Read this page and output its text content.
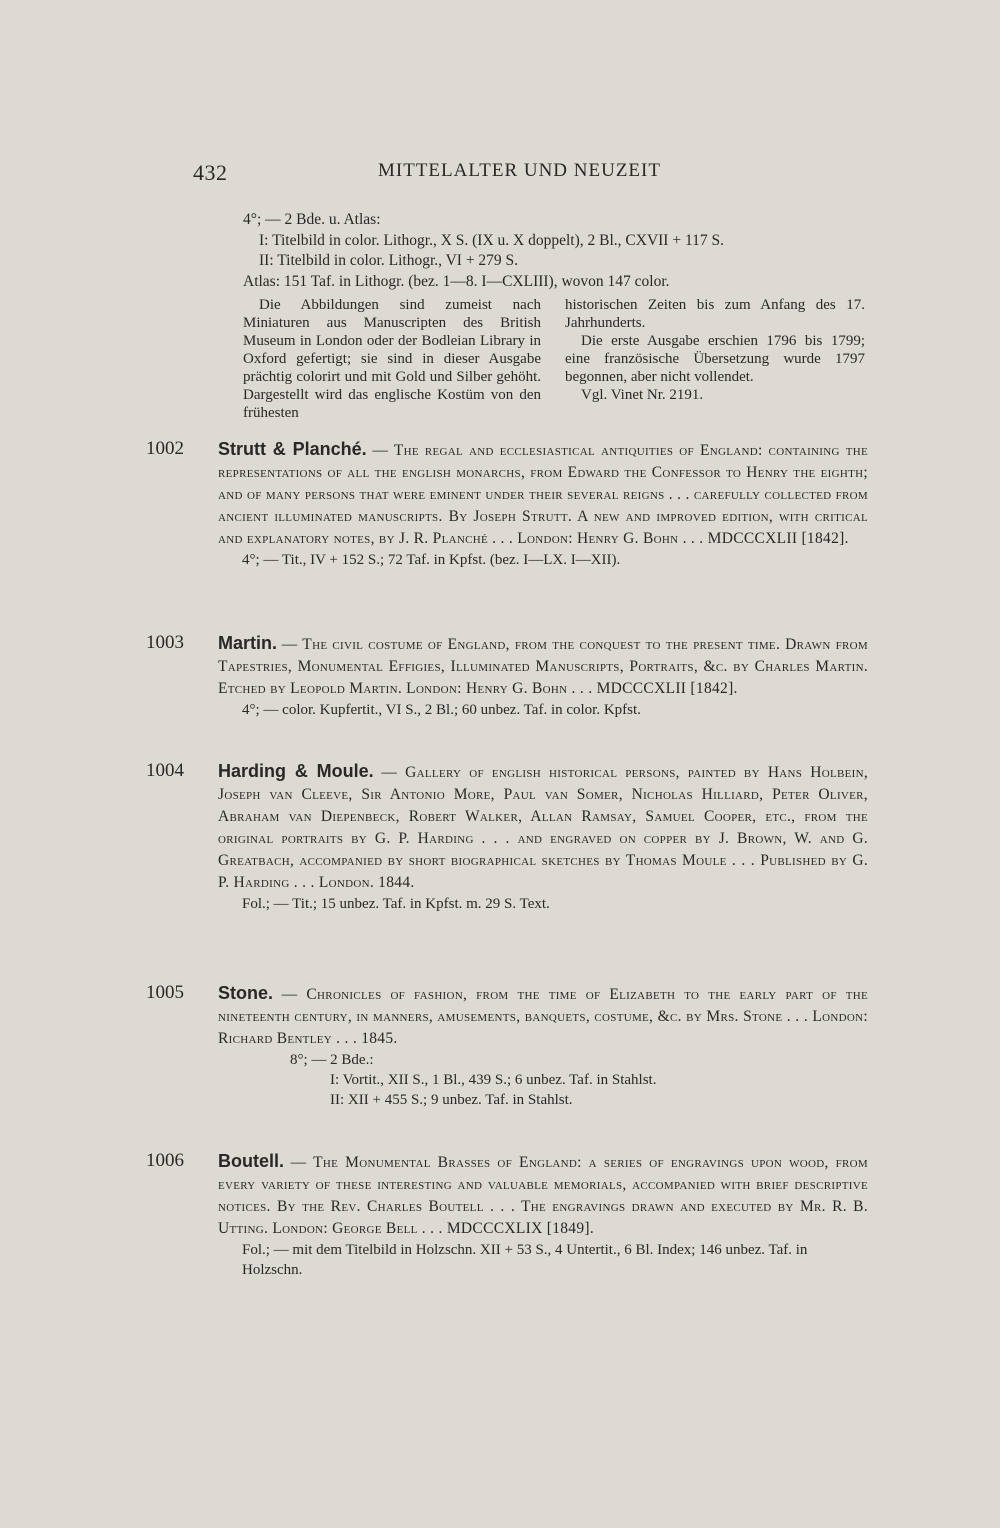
432	MITTELALTER UND NEUZEIT
4°; — 2 Bde. u. Atlas:
I: Titelbild in color. Lithogr., X S. (IX u. X doppelt), 2 Bl., CXVII + 117 S.
II: Titelbild in color. Lithogr., VI + 279 S.
Atlas: 151 Taf. in Lithogr. (bez. 1—8. I—CXLIII), wovon 147 color.

Die Abbildungen sind zumeist nach Miniaturen aus Manuscripten des British Museum in London oder der Bodleian Library in Oxford gefertigt; sie sind in dieser Ausgabe prächtig colorirt und mit Gold und Silber gehöht. Dargestellt wird das englische Kostüm von den frühesten

historischen Zeiten bis zum Anfang des 17. Jahrhunderts.

Die erste Ausgabe erschien 1796 bis 1799; eine französische Übersetzung wurde 1797 begonnen, aber nicht vollendet.

Vgl. Vinet Nr. 2191.

1002 Strutt & Planché. — The regal and ecclesiastical antiquities of England: containing the representations of all the english monarchs, from Edward the Confessor to Henry the eighth; and of many persons that were eminent under their several reigns . . . carefully collected from ancient illuminated manuscripts. By Joseph Strutt. A new and improved edition, with critical and explanatory notes, by J. R. Planché . . . London: Henry G. Bohn . . . MDCCCXLII [1842].
4°; — Tit., IV + 152 S.; 72 Taf. in Kpfst. (bez. I—LX. I—XII).
1003 Martin. — The civil costume of England, from the conquest to the present time. Drawn from Tapestries, Monumental Effigies, Illuminated Manuscripts, Portraits, &c. by Charles Martin. Etched by Leopold Martin. London: Henry G. Bohn . . . MDCCCXLII [1842].
4°; — color. Kupfertit., VI S., 2 Bl.; 60 unbez. Taf. in color. Kpfst.
1004 Harding & Moule. — Gallery of english historical persons, painted by Hans Holbein, Joseph van Cleeve, Sir Antonio More, Paul van Somer, Nicholas Hilliard, Peter Oliver, Abraham van Diepenbeck, Robert Walker, Allan Ramsay, Samuel Cooper, etc., from the original portraits by G. P. Harding . . . and engraved on copper by J. Brown, W. and G. Greatbach, accompanied by short biographical sketches by Thomas Moule . . . Published by G. P. Harding . . . London. 1844.
Fol.; — Tit.; 15 unbez. Taf. in Kpfst. m. 29 S. Text.
1005 Stone. — Chronicles of fashion, from the time of Elizabeth to the early part of the nineteenth century, in manners, amusements, banquets, costume, &c. by Mrs. Stone . . . London: Richard Bentley . . . 1845.
8°; — 2 Bde.:
I: Vortit., XII S., 1 Bl., 439 S.; 6 unbez. Taf. in Stahlst.
II: XII + 455 S.; 9 unbez. Taf. in Stahlst.
1006 Boutell. — The Monumental Brasses of England: a series of engravings upon wood, from every variety of these interesting and valuable memorials, accompanied with brief descriptive notices. By the Rev. Charles Boutell . . . The engravings drawn and executed by Mr. R. B. Utting. London: George Bell . . . MDCCCXLIX [1849].
Fol.; — mit dem Titelbild in Holzschn. XII + 53 S., 4 Untertit., 6 Bl. Index; 146 unbez. Taf. in Holzschn.
